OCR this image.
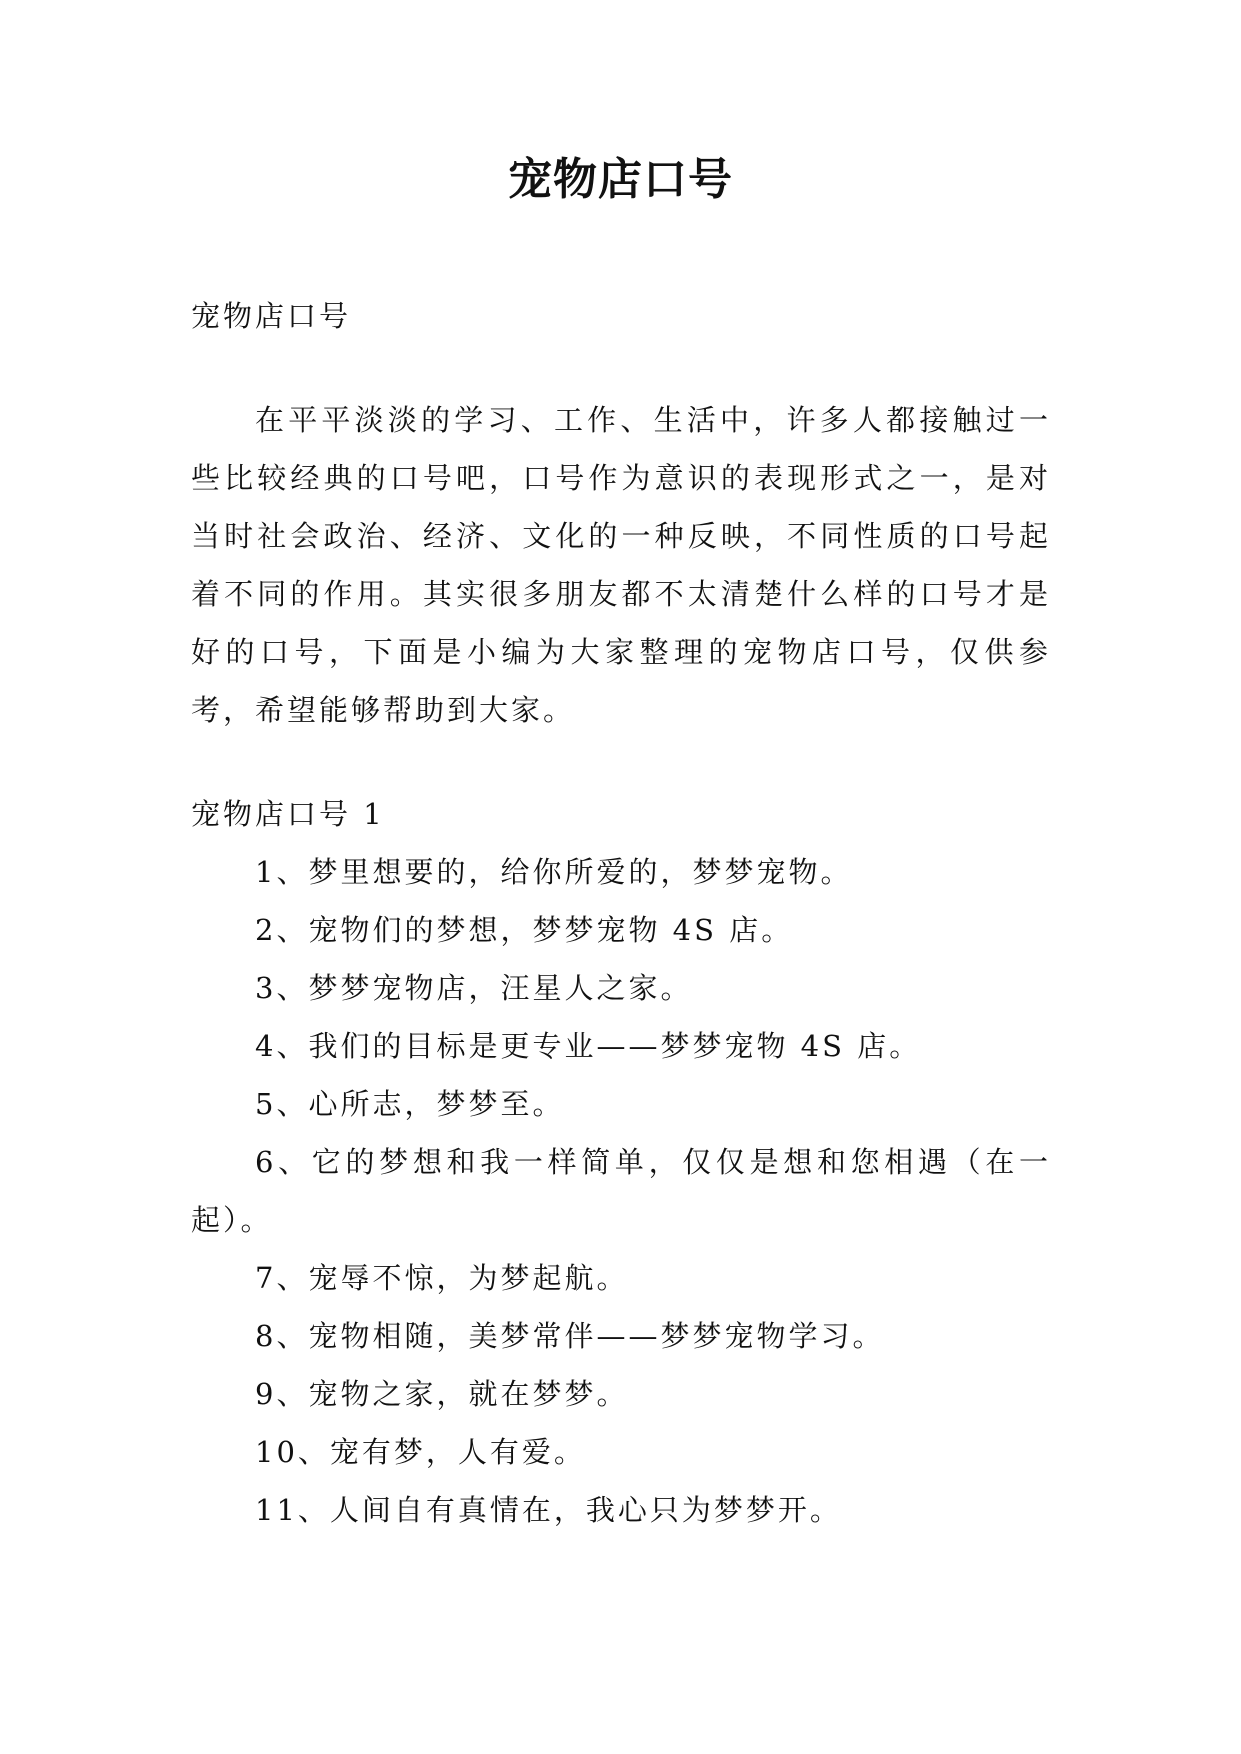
宠物店口号

宠物店口号

在平平淡淡的学习、工作、生活中，许多人都接触过一些比较经典的口号吧，口号作为意识的表现形式之一，是对当时社会政治、经济、文化的一种反映，不同性质的口号起着不同的作用。其实很多朋友都不太清楚什么样的口号才是好的口号，下面是小编为大家整理的宠物店口号，仅供参考，希望能够帮助到大家。

宠物店口号 1

1、梦里想要的，给你所爱的，梦梦宠物。

2、宠物们的梦想，梦梦宠物 4S 店。

3、梦梦宠物店，汪星人之家。

4、我们的目标是更专业——梦梦宠物 4S 店。

5、心所志，梦梦至。

6、它的梦想和我一样简单，仅仅是想和您相遇（在一起）。

7、宠辱不惊，为梦起航。

8、宠物相随，美梦常伴——梦梦宠物学习。

9、宠物之家，就在梦梦。

10、宠有梦，人有爱。

11、人间自有真情在，我心只为梦梦开。
